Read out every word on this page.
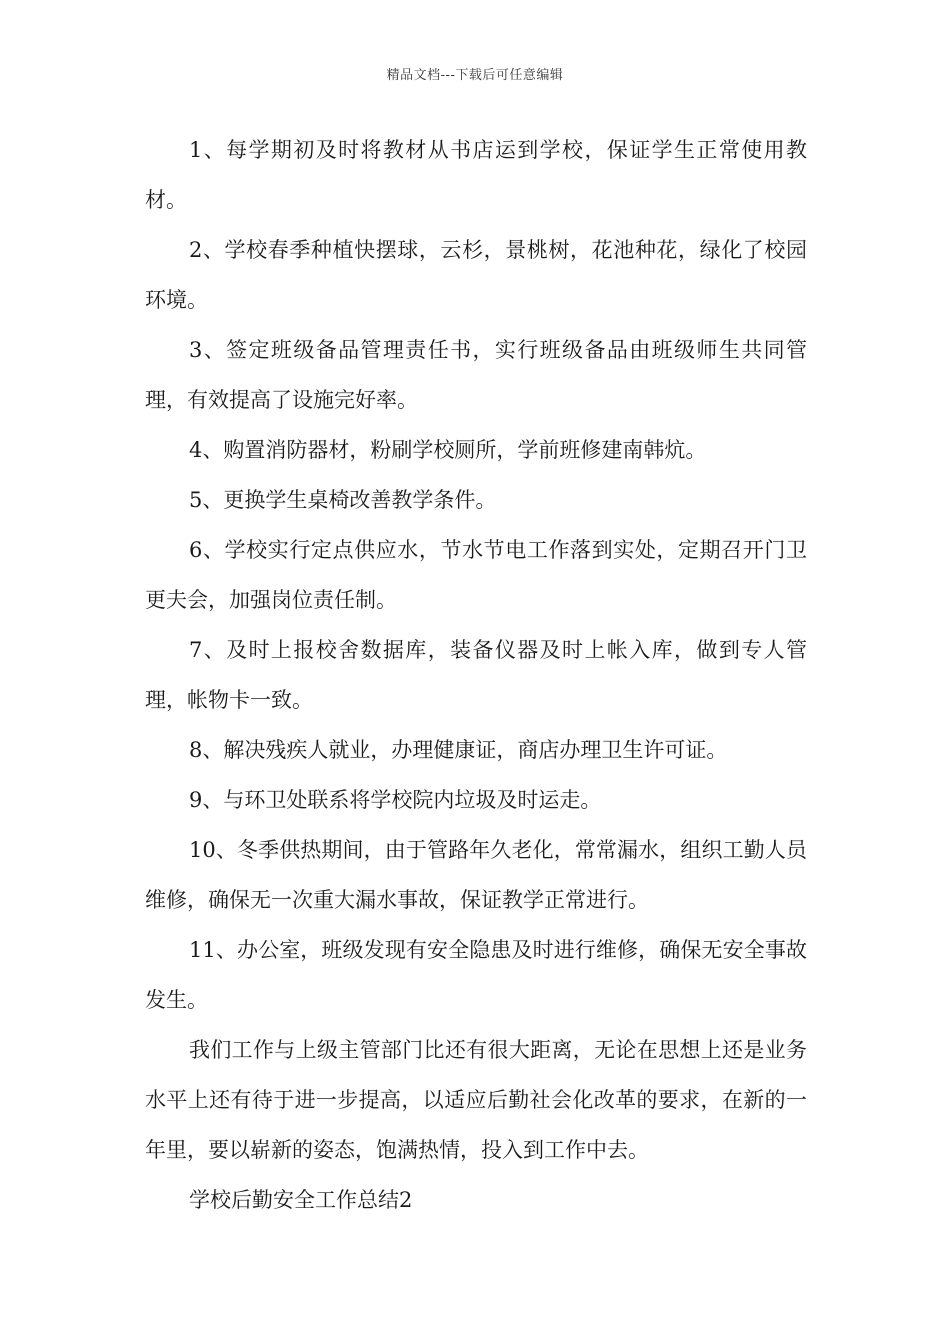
精品文档---下载后可任意编辑

1、每学期初及时将教材从书店运到学校，保证学生正常使用教材。

2、学校春季种植快摆球，云杉，景桃树，花池种花，绿化了校园环境。

3、签定班级备品管理责任书，实行班级备品由班级师生共同管理，有效提高了设施完好率。

4、购置消防器材，粉刷学校厕所，学前班修建南韩炕。

5、更换学生桌椅改善教学条件。

6、学校实行定点供应水，节水节电工作落到实处，定期召开门卫更夫会，加强岗位责任制。

7、及时上报校舍数据库，装备仪器及时上帐入库，做到专人管理，帐物卡一致。

8、解决残疾人就业，办理健康证，商店办理卫生许可证。

9、与环卫处联系将学校院内垃圾及时运走。

10、冬季供热期间，由于管路年久老化，常常漏水，组织工勤人员维修，确保无一次重大漏水事故，保证教学正常进行。

11、办公室，班级发现有安全隐患及时进行维修，确保无安全事故发生。

我们工作与上级主管部门比还有很大距离，无论在思想上还是业务水平上还有待于进一步提高，以适应后勤社会化改革的要求，在新的一年里，要以崭新的姿态，饱满热情，投入到工作中去。

学校后勤安全工作总结2
